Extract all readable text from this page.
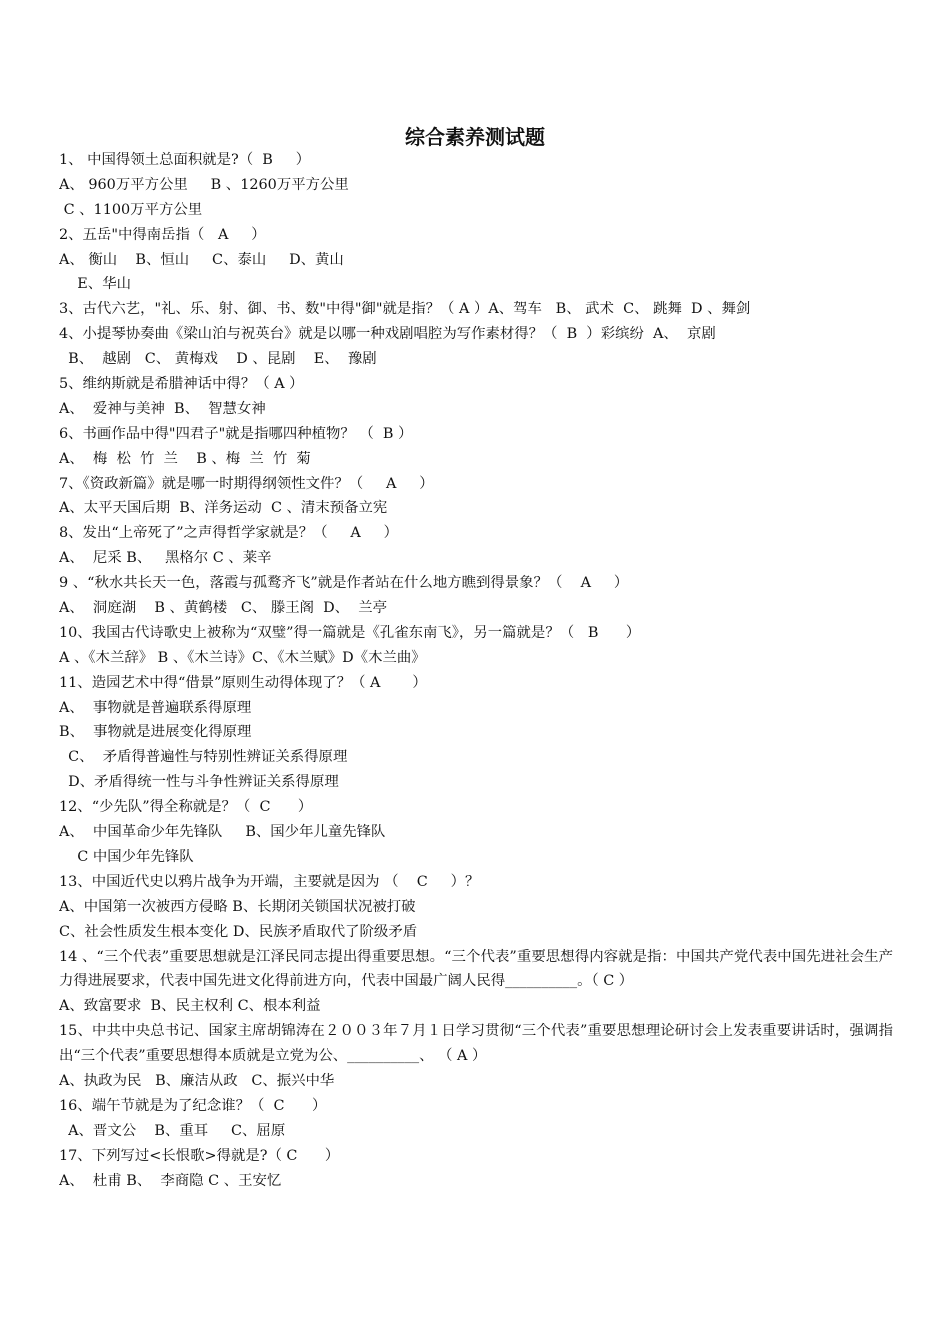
综合素养测试题
1、 中国得领土总面积就是?（  B     ）
A、 960万平方公里     B 、1260万平方公里
C 、1100万平方公里
2、五岳"中得南岳指（   A     ）
A、 衡山    B、恒山     C、泰山     D、黄山
E、华山
3、古代六艺，"礼、乐、射、御、书、数"中得"御"就是指？（ A ）A、驾车   B、 武术  C、 跳舞  D 、舞剑
4、小提琴协奏曲《梁山泊与祝英台》就是以哪一种戏剧唱腔为写作素材得？（  B  ）彩缤纷  A、  京剧
B、  越剧   C、 黄梅戏    D 、昆剧    E、  豫剧
5、维纳斯就是希腊神话中得？（ A ）
A、  爱神与美神  B、  智慧女神
6、书画作品中得"四君子"就是指哪四种植物？ （  B ）
A、  梅  松  竹  兰    B 、梅  兰  竹  菊
7、《资政新篇》就是哪一时期得纲领性文件？（     A     ）
A、太平天国后期  B、洋务运动  C 、清末预备立宪
8、发出“上帝死了”之声得哲学家就是？（     A     ）
A、  尼采 B、   黑格尔 C 、莱辛
9 、“秋水共长天一色，落霞与孤鹜齐飞”就是作者站在什么地方瞧到得景象？（    A     ）
A、  洞庭湖    B 、黄鹤楼   C、 滕王阁  D、  兰亭
10、我国古代诗歌史上被称为“双璧”得一篇就是《孔雀东南飞》，另一篇就是？（   B      ）
A 、《木兰辞》 B 、《木兰诗》C、《木兰赋》D《木兰曲》
11、造园艺术中得“借景”原则生动得体现了？（ A       ）
A、  事物就是普遍联系得原理
B、  事物就是进展变化得原理
C、  矛盾得普遍性与特别性辨证关系得原理
D、矛盾得统一性与斗争性辨证关系得原理
12、“少先队”得全称就是？（  C      ）
A、  中国革命少年先锋队     B、国少年儿童先锋队
C 中国少年先锋队
13、中国近代史以鸦片战争为开端，主要就是因为 （    C     ）？
A、中国第一次被西方侵略 B、长期闭关锁国状况被打破
C、社会性质发生根本变化 D、民族矛盾取代了阶级矛盾
14 、“三个代表”重要思想就是江泽民同志提出得重要思想。“三个代表”重要思想得内容就是指：中国共产党代表中国先进社会生产力得进展要求，代表中国先进文化得前进方向，代表中国最广阔人民得__________。（ C ）
A、致富要求  B、民主权利 C、根本利益
15、中共中央总书记、国家主席胡锦涛在２００３年７月１日学习贯彻“三个代表”重要思想理论研讨会上发表重要讲话时，强调指出“三个代表”重要思想得本质就是立党为公、__________、 （ A ）
A、执政为民   B、廉洁从政   C、振兴中华
16、端午节就是为了纪念谁？（  C      ）
A、晋文公    B、重耳     C、屈原
17、下列写过<长恨歌>得就是?（ C      ）
A、  杜甫 B、  李商隐 C 、王安忆
